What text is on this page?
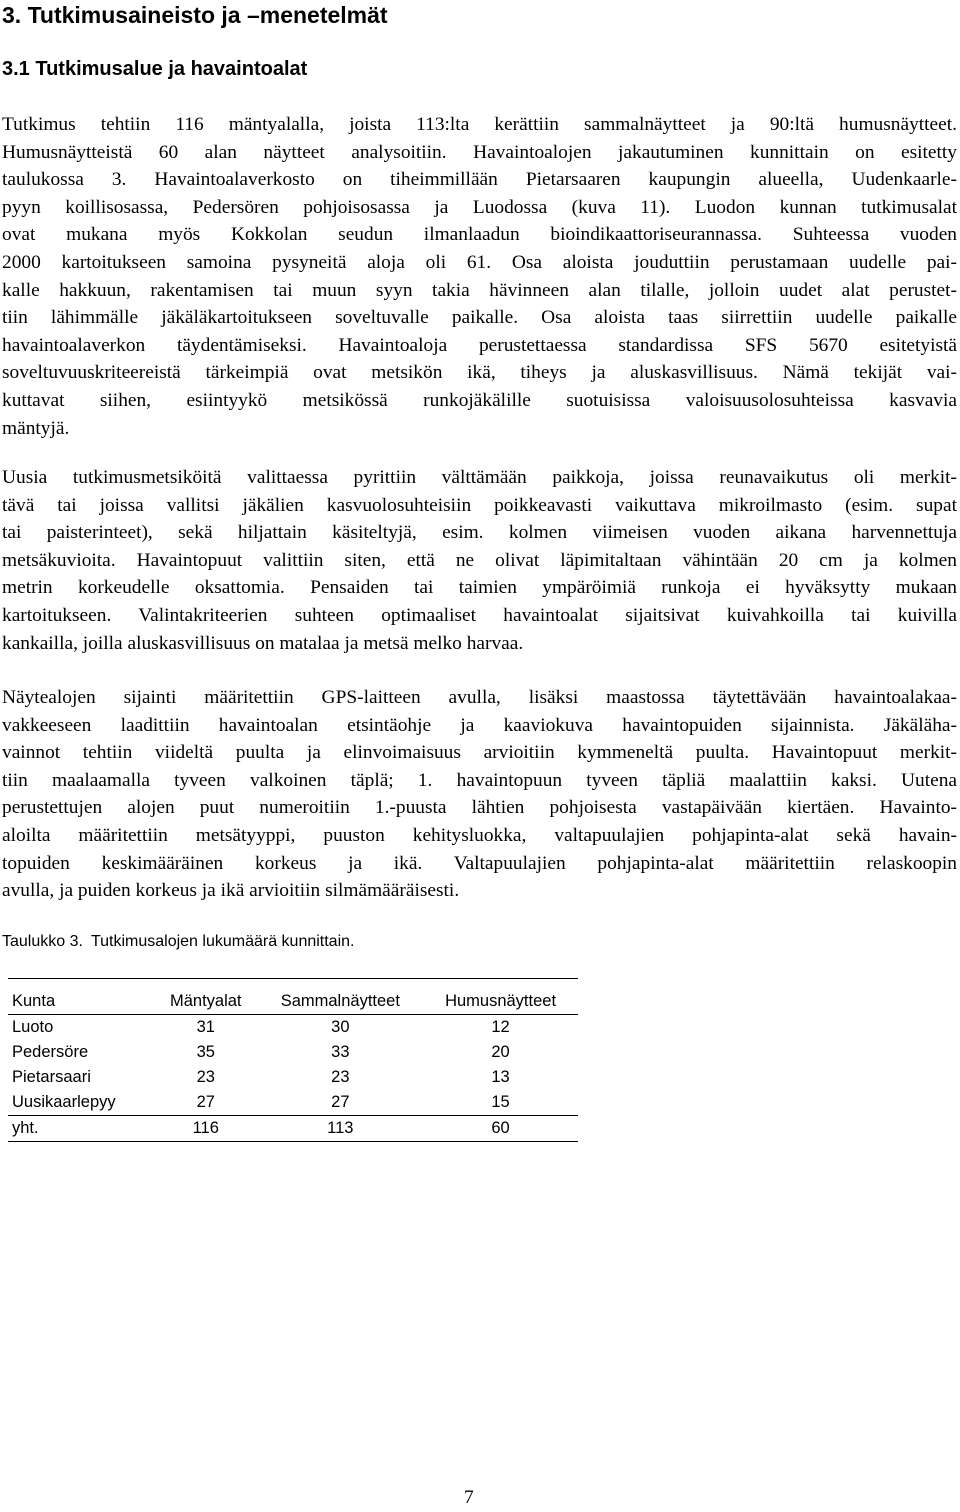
3. Tutkimusaineisto ja –menetelmät
3.1 Tutkimusalue ja havaintoalat
Tutkimus tehtiin 116 mäntyalalla, joista 113:lta kerättiin sammalnäytteet ja 90:ltä humusnäytteet.
Humusnäytteistä 60 alan näytteet analysoitiin. Havaintoalojen jakautuminen kunnittain on esitetty
taulukossa 3. Havaintoalaverkosto on tiheimmillään Pietarsaaren kaupungin alueella, Uudenkaarle-
pyyn koillisosassa, Pedersören pohjoisosassa ja Luodossa (kuva 11). Luodon kunnan tutkimusalat
ovat mukana myös Kokkolan seudun ilmanlaadun bioindikaattoriseurannassa. Suhteessa vuoden
2000 kartoitukseen samoina pysyneitä aloja oli 61. Osa aloista jouduttiin perustamaan uudelle pai-
kalle hakkuun, rakentamisen tai muun syyn takia hävinneen alan tilalle, jolloin uudet alat perustet-
tiin lähimmälle jäkäläkartoitukseen soveltuvalle paikalle. Osa aloista taas siirrettiin uudelle paikalle
havaintoalaverkon täydentämiseksi. Havaintoaloja perustettaessa standardissa SFS 5670 esitetyistä
soveltuvuuskriteereistä tärkeimpiä ovat metsikön ikä, tiheys ja aluskasvillisuus. Nämä tekijät vai-
kuttavat siihen, esiintyykö metsikössä runkojäkälille suotuisissa valoisuusolosuhteissa kasvavia
mäntyjä.
Uusia tutkimusmetsiköitä valittaessa pyrittiin välttämään paikkoja, joissa reunavaikutus oli merkit-
tävä tai joissa vallitsi jäkälien kasvuolosuhteisiin poikkeavasti vaikuttava mikroilmasto (esim. supat
tai paisterinteet), sekä hiljattain käsiteltyjä, esim. kolmen viimeisen vuoden aikana harvennettuja
metsäkuvioita. Havaintopuut valittiin siten, että ne olivat läpimitaltaan vähintään 20 cm ja kolmen
metrin korkeudelle oksattomia. Pensaiden tai taimien ympäröimiä runkoja ei hyväksytty mukaan
kartoitukseen. Valintakriteerien suhteen optimaaliset havaintoalat sijaitsivat kuivahkoilla tai kuivilla
kankailla, joilla aluskasvillisuus on matalaa ja metsä melko harvaa.
Näytealojen sijainti määritettiin GPS-laitteen avulla, lisäksi maastossa täytettävään havaintoalakaa-
vakkeeseen laadittiin havaintoalan etsintäohje ja kaaviokuva havaintopuiden sijainnista. Jäkäläha-
vainnot tehtiin viideltä puulta ja elinvoimaisuus arvioitiin kymmeneltä puulta. Havaintopuut merkit-
tiin maalaamalla tyveen valkoinen täplä; 1. havaintopuun tyveen täpliä maalattiin kaksi. Uutena
perustettujen alojen puut numeroitiin 1.-puusta lähtien pohjoisesta vastapäivään kiertäen. Havainto-
aloilta määritettiin metsätyyppi, puuston kehitysluokka, valtapuulajien pohjapinta-alat sekä havain-
topuiden keskimääräinen korkeus ja ikä. Valtapuulajien pohjapinta-alat määritettiin relaskoopin
avulla, ja puiden korkeus ja ikä arvioitiin silmämääräisesti.
Taulukko 3. Tutkimusalojen lukumäärä kunnittain.
Kunta	Mäntyalat	Sammalnäytteet	Humusnäytteet
Luoto	31	30	12
Pedersöre	35	33	20
Pietarsaari	23	23	13
Uusikaarlepyy	27	27	15
yht.	116	113	60
7
